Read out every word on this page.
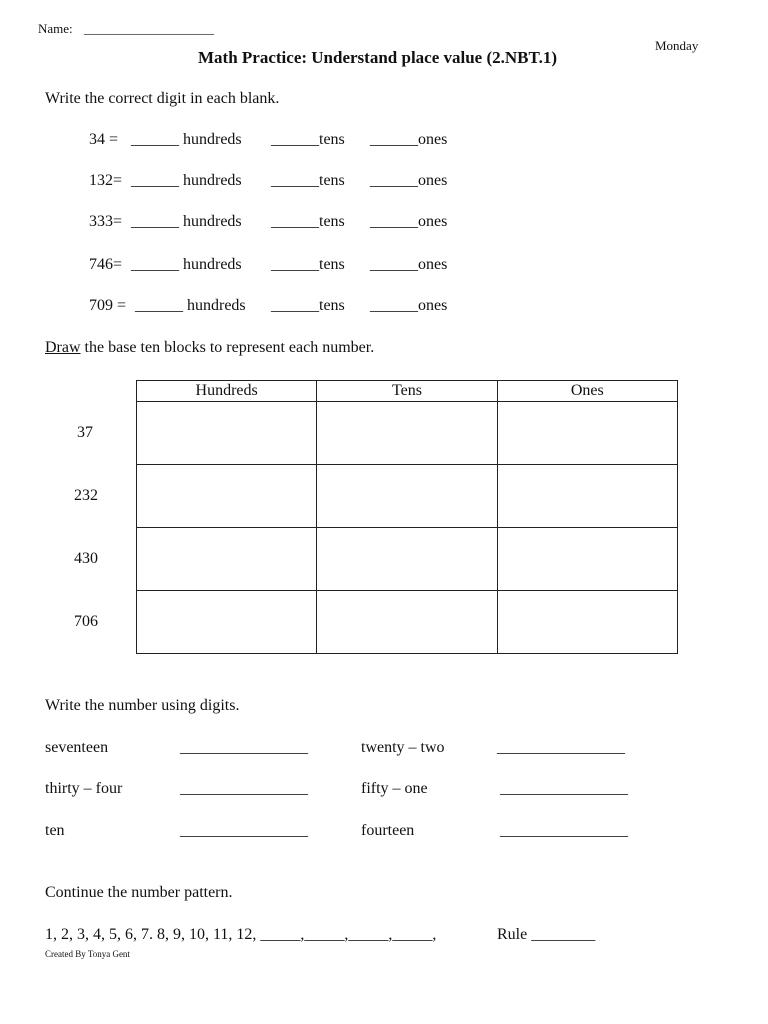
Name: ____________________
Monday
Math Practice: Understand place value (2.NBT.1)
Write the correct digit in each blank.
34 = ______ hundreds ______tens ______ones
132= ______ hundreds ______tens ______ones
333= ______ hundreds ______tens ______ones
746= ______ hundreds ______tens ______ones
709 = ______ hundreds ______tens ______ones
Draw the base ten blocks to represent each number.
Hundreds	Tens	Ones

37
232
430
706
Write the number using digits.
seventeen	________________	twenty – two	________________
thirty – four	________________	fifty – one	________________
ten	________________	fourteen	________________
Continue the number pattern.
1, 2, 3, 4, 5, 6, 7. 8, 9, 10, 11, 12, _____,_____,_____,_____,	Rule ________
Created By Tonya Gent
